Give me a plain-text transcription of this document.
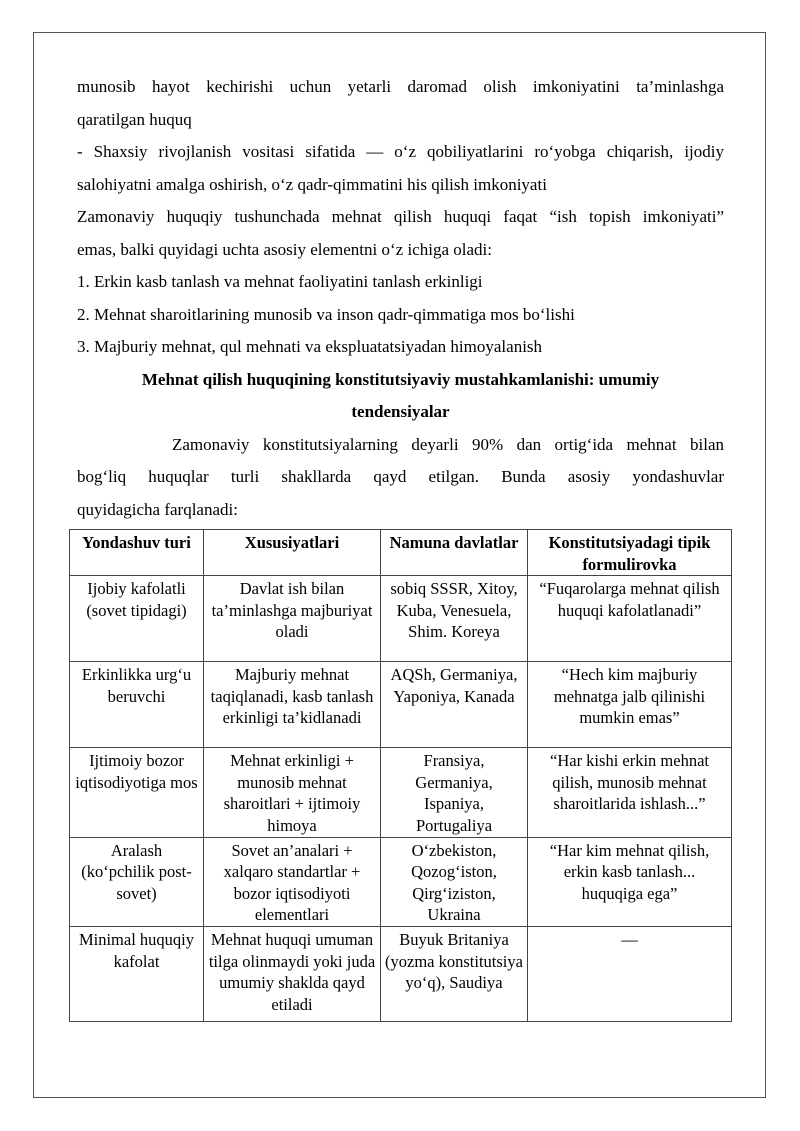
munosib hayot kechirishi uchun yetarli daromad olish imkoniyatini ta’minlashga

qaratilgan huquq

- Shaxsiy rivojlanish vositasi sifatida — o‘z qobiliyatlarini ro‘yobga chiqarish, ijodiy

salohiyatni amalga oshirish, o‘z qadr-qimmatini his qilish imkoniyati

Zamonaviy huquqiy tushunchada mehnat qilish huquqi faqat “ish topish imkoniyati”

emas, balki quyidagi uchta asosiy elementni o‘z ichiga oladi:

1. Erkin kasb tanlash va mehnat faoliyatini tanlash erkinligi

2. Mehnat sharoitlarining munosib va inson qadr-qimmatiga mos bo‘lishi

3. Majburiy mehnat, qul mehnati va ekspluatatsiyadan himoyalanish

Mehnat qilish huquqining konstitutsiyaviy mustahkamlanishi: umumiy

tendensiyalar

Zamonaviy konstitutsiyalarning deyarli 90% dan ortig‘ida mehnat bilan

bog‘liq huquqlar turli shakllarda qayd etilgan. Bunda asosiy yondashuvlar

quyidagicha farqlanadi:

Yondashuv turi	Xususiyatlari	Namuna davlatlar	Konstitutsiyadagi tipik formulirovka
Ijobiy kafolatli (sovet tipidagi)	Davlat ish bilan ta’minlashga majburiyat oladi	sobiq SSSR, Xitoy, Kuba, Venesuela, Shim. Koreya	“Fuqarolarga mehnat qilish huquqi kafolatlanadi”
Erkinlikka urg‘u beruvchi	Majburiy mehnat taqiqlanadi, kasb tanlash erkinligi ta’kidlanadi	AQSh, Germaniya, Yaponiya, Kanada	“Hech kim majburiy mehnatga jalb qilinishi mumkin emas”
Ijtimoiy bozor iqtisodiyotiga mos	Mehnat erkinligi + munosib mehnat sharoitlari + ijtimoiy himoya	Fransiya, Germaniya, Ispaniya, Portugaliya	“Har kishi erkin mehnat qilish, munosib mehnat sharoitlarida ishlash...”
Aralash (ko‘pchilik post-sovet)	Sovet an’analari + xalqaro standartlar + bozor iqtisodiyoti elementlari	O‘zbekiston, Qozog‘iston, Qirg‘iziston, Ukraina	“Har kim mehnat qilish, erkin kasb tanlash... huquqiga ega”
Minimal huquqiy kafolat	Mehnat huquqi umuman tilga olinmaydi yoki juda umumiy shaklda qayd etiladi	Buyuk Britaniya (yozma konstitutsiya yo‘q), Saudiya	—
